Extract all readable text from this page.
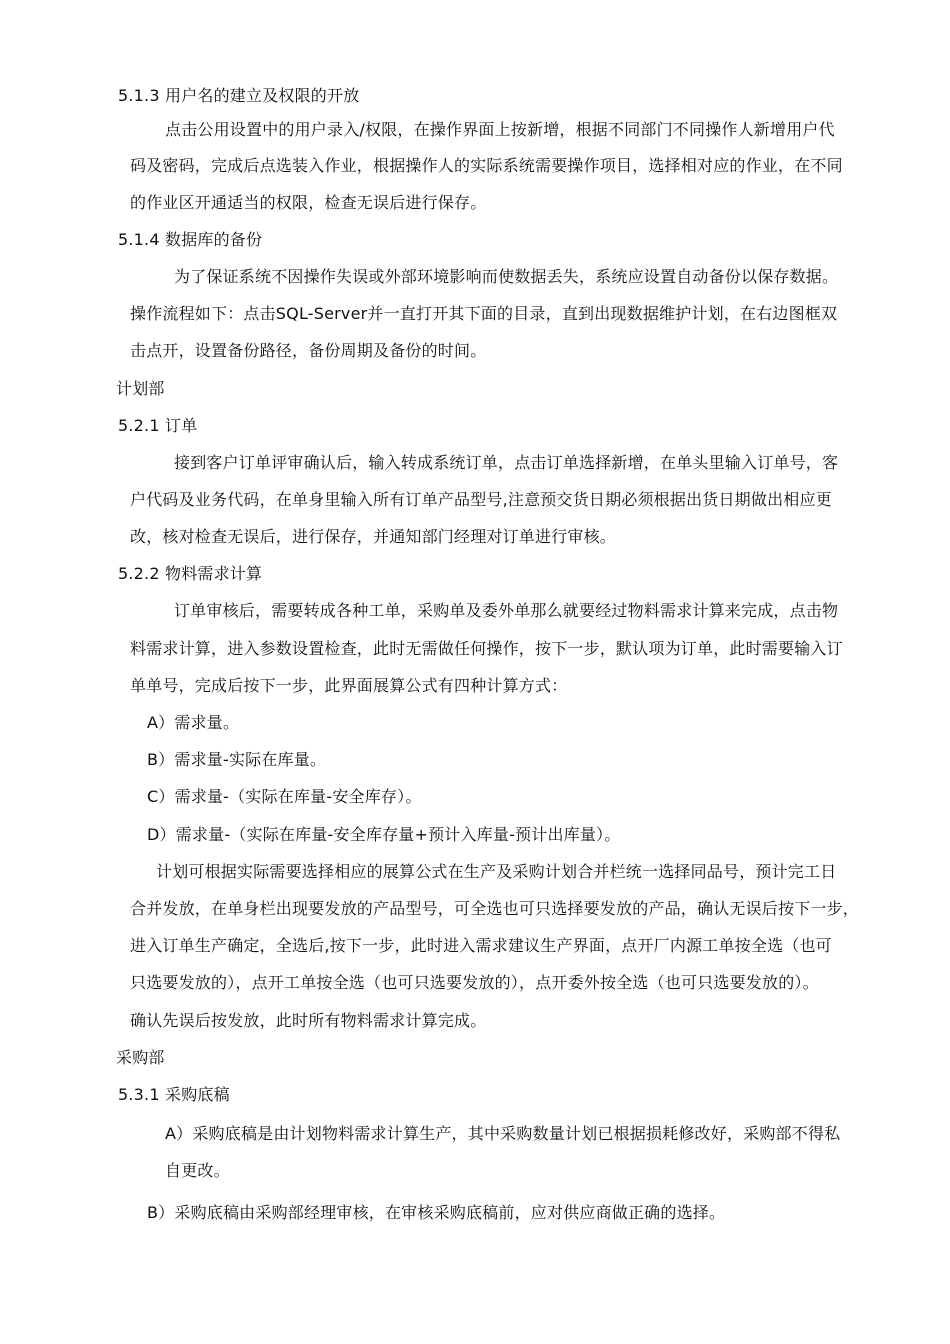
5.1.3 用户名的建立及权限的开放
点击公用设置中的用户录入/权限，在操作界面上按新增，根据不同部门不同操作人新增用户代
码及密码，完成后点选装入作业，根据操作人的实际系统需要操作项目，选择相对应的作业，在不同
的作业区开通适当的权限，检查无误后进行保存。
5.1.4 数据库的备份
为了保证系统不因操作失误或外部环境影响而使数据丢失，系统应设置自动备份以保存数据。
操作流程如下：点击SQL-Server并一直打开其下面的目录，直到出现数据维护计划，在右边图框双
击点开，设置备份路径，备份周期及备份的时间。
计划部
5.2.1 订单
接到客户订单评审确认后，输入转成系统订单，点击订单选择新增，在单头里输入订单号，客
户代码及业务代码，在单身里输入所有订单产品型号,注意预交货日期必须根据出货日期做出相应更
改，核对检查无误后，进行保存，并通知部门经理对订单进行审核。
5.2.2 物料需求计算
订单审核后，需要转成各种工单，采购单及委外单那么就要经过物料需求计算来完成，点击物
料需求计算，进入参数设置检查，此时无需做任何操作，按下一步，默认项为订单，此时需要输入订
单单号，完成后按下一步，此界面展算公式有四种计算方式：
A）需求量。
B）需求量-实际在库量。
C）需求量-（实际在库量-安全库存）。
D）需求量-（实际在库量-安全库存量+预计入库量-预计出库量）。
计划可根据实际需要选择相应的展算公式在生产及采购计划合并栏统一选择同品号，预计完工日
合并发放，在单身栏出现要发放的产品型号，可全选也可只选择要发放的产品，确认无误后按下一步，
进入订单生产确定，全选后,按下一步，此时进入需求建议生产界面，点开厂内源工单按全选（也可
只选要发放的），点开工单按全选（也可只选要发放的），点开委外按全选（也可只选要发放的）。
确认先误后按发放，此时所有物料需求计算完成。
采购部
5.3.1 采购底稿
A）采购底稿是由计划物料需求计算生产，其中采购数量计划已根据损耗修改好，采购部不得私
自更改。
B）采购底稿由采购部经理审核，在审核采购底稿前，应对供应商做正确的选择。
